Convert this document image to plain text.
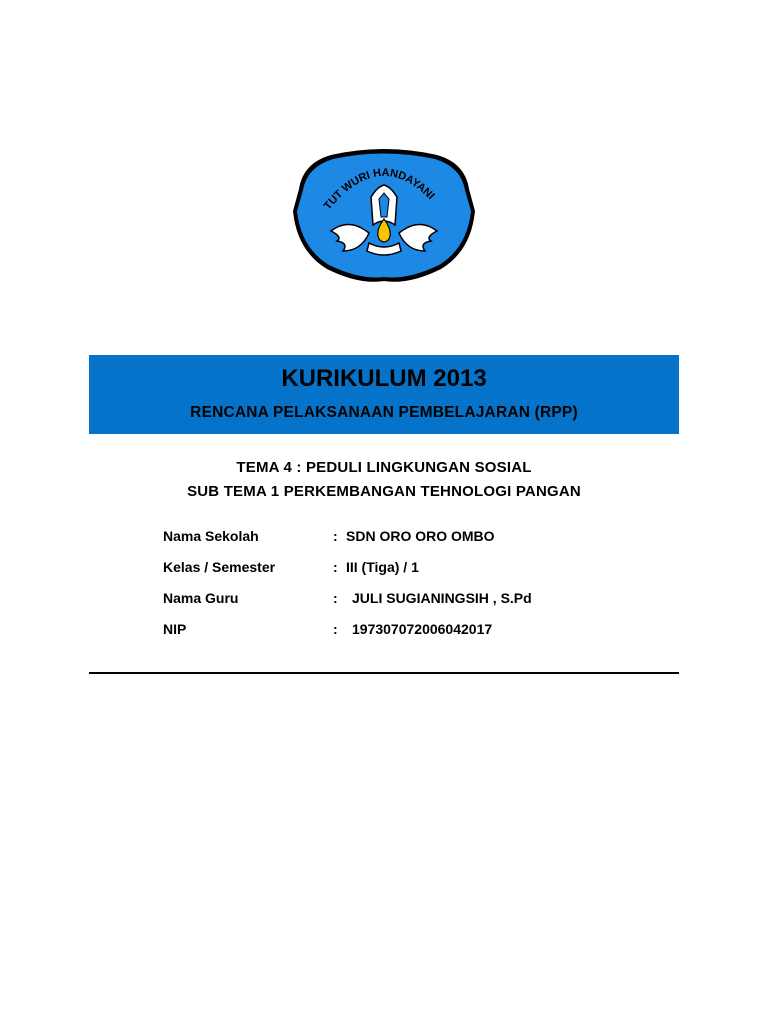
TUT WURI HANDAYANI
KURIKULUM 2013
RENCANA PELAKSANAAN PEMBELAJARAN (RPP)
TEMA 4 : PEDULI LINGKUNGAN SOSIAL
SUB TEMA 1 PERKEMBANGAN TEHNOLOGI PANGAN
Nama Sekolah	: SDN ORO ORO OMBO
Kelas / Semester	: III (Tiga) / 1
Nama Guru	: JULI SUGIANINGSIH , S.Pd
NIP	: 197307072006042017
